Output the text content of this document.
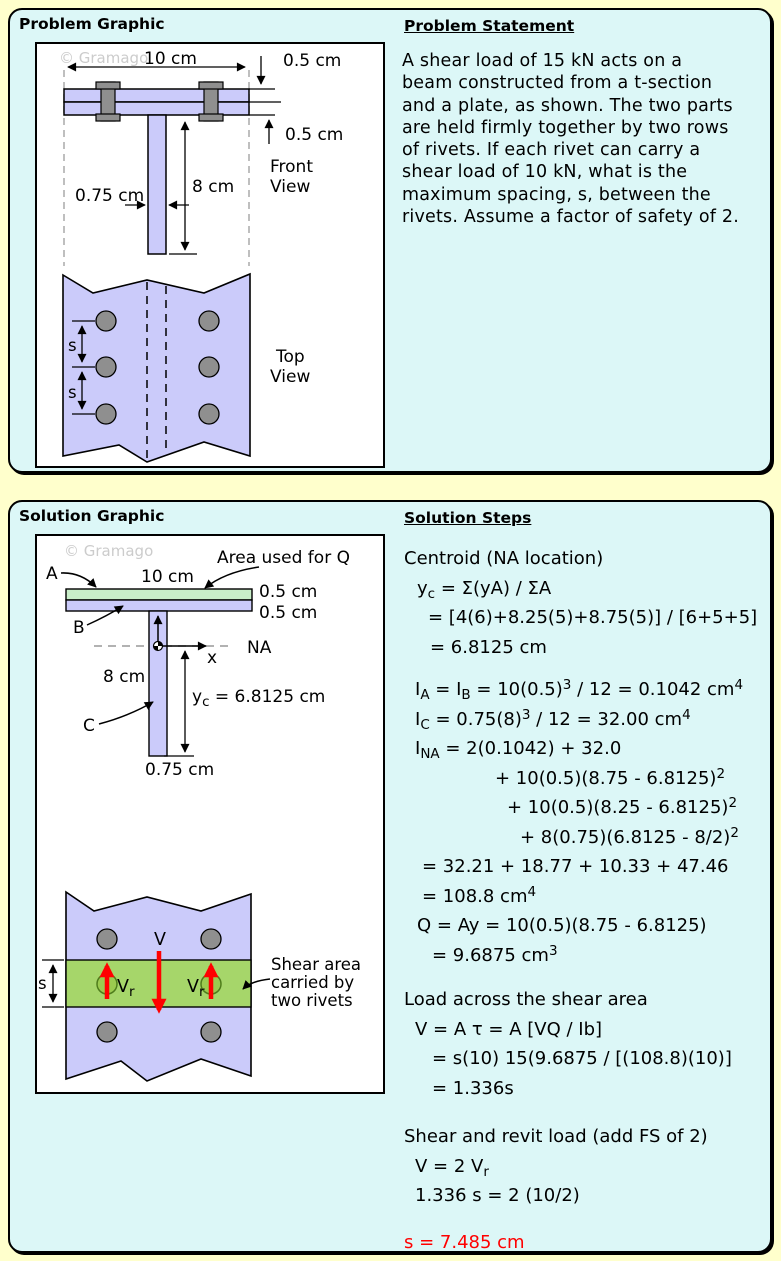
Problem Graphic
© Gramago
10 cm	0.5 cm
0.5 cm
Front
View
0.75 cm	8 cm
s
s
Top
View
Problem Statement
A shear load of 15 kN acts on a
beam constructed from a t-section
and a plate, as shown. The two parts
are held firmly together by two rows
of rivets. If each rivet can carry a
shear load of 10 kN, what is the
maximum spacing, s, between the
rivets. Assume a factor of safety of 2.
Solution Graphic
© Gramago	Area used for Q
A	10 cm
0.5 cm
0.5 cm
B
x NA
8 cm
$y_c = 6.8125$ cm
C
0.75 cm
V
$V_r$	$V_r$
s
Shear area
carried by
two rivets
Solution Steps
Centroid (NA location)
$y_c = \Sigma(yA) / \Sigma A$
= [4(6)+8.25(5)+8.75(5)] / [6+5+5]
= 6.8125 cm
$I_A = I_B = 10(0.5)^3 / 12 = 0.1042$ $cm^4$
$I_C = 0.75(8)^3 / 12 = 32.00$ $cm^4$
$I_{NA} = 2(0.1042) + 32.0$
+ 10(0.5)(8.75 - 6.8125)$^2$
+ 10(0.5)(8.25 - 6.8125)$^2$
+ 8(0.75)(6.8125 - 8/2)$^2$
= 32.21 + 18.77 + 10.33 + 47.46
= 108.8 $cm^4$
Q = Ay = 10(0.5)(8.75 - 6.8125)
= 9.6875 $cm^3$
Load across the shear area
V = A τ = A [VQ / Ib]
= s(10) 15(9.6875 / [(108.8)(10)]
= 1.336s
Shear and revit load (add FS of 2)
V = 2 $V_r$
1.336 s = 2 (10/2)
s = 7.485 cm
